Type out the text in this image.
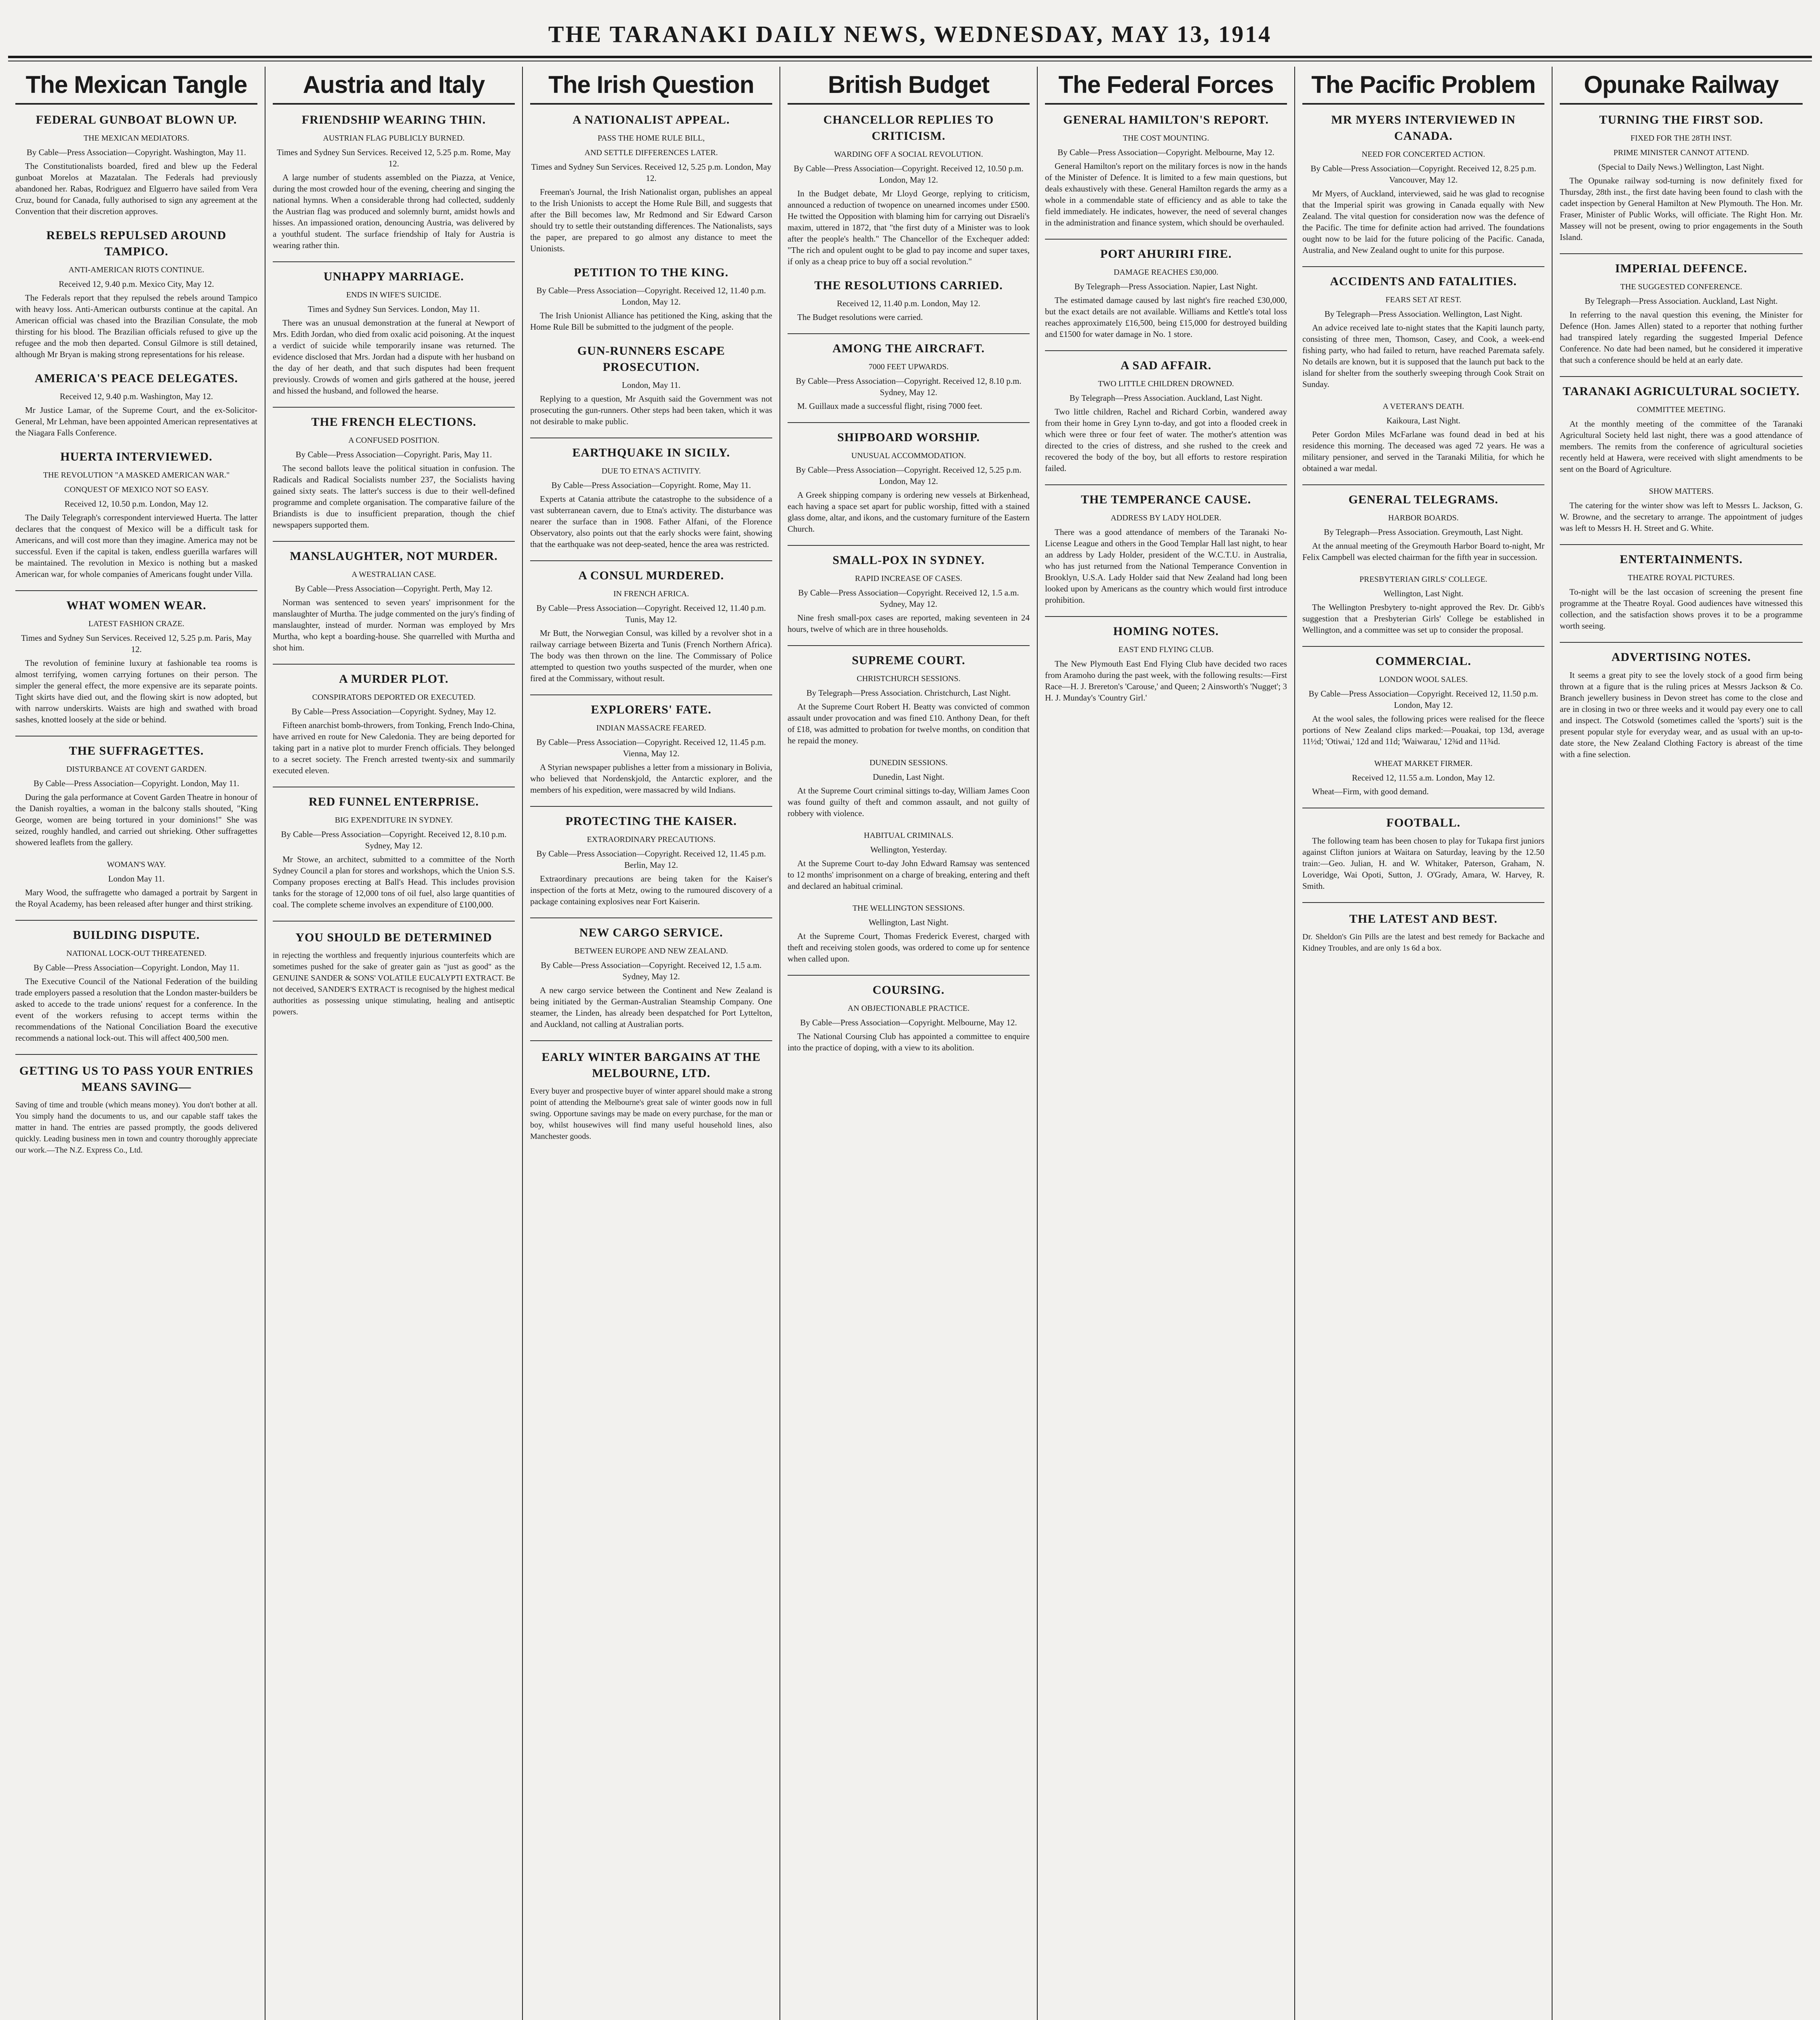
THE TARANAKI DAILY NEWS, WEDNESDAY, MAY 13, 1914
The Mexican Tangle
FEDERAL GUNBOAT BLOWN UP.
THE MEXICAN MEDIATORS.
By Cable—Press Association—Copyright. Washington, May 11.
The Constitutionalists boarded, fired and blew up the Federal gunboat Morelos at Mazatalan. The Federals had previously abandoned her. Rabas, Rodriguez and Elguerro have sailed from Vera Cruz, bound for Canada, fully authorised to sign any agreement at the Convention that their discretion approves.
REBELS REPULSED AROUND TAMPICO.
ANTI-AMERICAN RIOTS CONTINUE.
Received 12, 9.40 p.m. Mexico City, May 12.
The Federals report that they repulsed the rebels around Tampico with heavy loss. Anti-American outbursts continue at the capital. An American official was chased into the Brazilian Consulate, the mob thirsting for his blood. The Brazilian officials refused to give up the refugee and the mob then departed. Consul Gilmore is still detained, although Mr Bryan is making strong representations for his release.
AMERICA'S PEACE DELEGATES.
Received 12, 9.40 p.m. Washington, May 12.
Mr Justice Lamar, of the Supreme Court, and the ex-Solicitor-General, Mr Lehman, have been appointed American representatives at the Niagara Falls Conference.
HUERTA INTERVIEWED.
THE REVOLUTION "A MASKED AMERICAN WAR."
CONQUEST OF MEXICO NOT SO EASY.
Received 12, 10.50 p.m. London, May 12.
The Daily Telegraph's correspondent interviewed Huerta. The latter declares that the conquest of Mexico will be a difficult task for Americans, and will cost more than they imagine. America may not be successful. Even if the capital is taken, endless guerilla warfares will be maintained. The revolution in Mexico is nothing but a masked American war, for whole companies of Americans fought under Villa.
WHAT WOMEN WEAR.
LATEST FASHION CRAZE.
Times and Sydney Sun Services. Received 12, 5.25 p.m. Paris, May 12.
The revolution of feminine luxury at fashionable tea rooms is almost terrifying, women carrying fortunes on their person. The simpler the general effect, the more expensive are its separate points. Tight skirts have died out, and the flowing skirt is now adopted, but with narrow underskirts. Waists are high and swathed with broad sashes, knotted loosely at the side or behind.
THE SUFFRAGETTES.
DISTURBANCE AT COVENT GARDEN.
By Cable—Press Association—Copyright. London, May 11.
During the gala performance at Covent Garden Theatre in honour of the Danish royalties, a woman in the balcony stalls shouted, "King George, women are being tortured in your dominions!" She was seized, roughly handled, and carried out shrieking. Other suffragettes showered leaflets from the gallery.
WOMAN'S WAY.
London May 11.
Mary Wood, the suffragette who damaged a portrait by Sargent in the Royal Academy, has been released after hunger and thirst striking.
BUILDING DISPUTE.
NATIONAL LOCK-OUT THREATENED.
By Cable—Press Association—Copyright. London, May 11.
The Executive Council of the National Federation of the building trade employers passed a resolution that the London master-builders be asked to accede to the trade unions' request for a conference. In the event of the workers refusing to accept terms within the recommendations of the National Conciliation Board the executive recommends a national lock-out. This will affect 400,500 men.
GETTING US TO PASS YOUR ENTRIES MEANS SAVING—
Saving of time and trouble (which means money). You don't bother at all. You simply hand the documents to us, and our capable staff takes the matter in hand. The entries are passed promptly, the goods delivered quickly. Leading business men in town and country thoroughly appreciate our work.—The N.Z. Express Co., Ltd.
Austria and Italy
FRIENDSHIP WEARING THIN.
AUSTRIAN FLAG PUBLICLY BURNED.
Times and Sydney Sun Services. Received 12, 5.25 p.m. Rome, May 12.
A large number of students assembled on the Piazza, at Venice, during the most crowded hour of the evening, cheering and singing the national hymns. When a considerable throng had collected, suddenly the Austrian flag was produced and solemnly burnt, amidst howls and hisses. An impassioned oration, denouncing Austria, was delivered by a youthful student. The surface friendship of Italy for Austria is wearing rather thin.
UNHAPPY MARRIAGE.
ENDS IN WIFE'S SUICIDE.
Times and Sydney Sun Services. London, May 11.
There was an unusual demonstration at the funeral at Newport of Mrs. Edith Jordan, who died from oxalic acid poisoning. At the inquest a verdict of suicide while temporarily insane was returned. The evidence disclosed that Mrs. Jordan had a dispute with her husband on the day of her death, and that such disputes had been frequent previously. Crowds of women and girls gathered at the house, jeered and hissed the husband, and followed the hearse.
THE FRENCH ELECTIONS.
A CONFUSED POSITION.
By Cable—Press Association—Copyright. Paris, May 11.
The second ballots leave the political situation in confusion. The Radicals and Radical Socialists number 237, the Socialists having gained sixty seats. The latter's success is due to their well-defined programme and complete organisation. The comparative failure of the Briandists is due to insufficient preparation, though the chief newspapers supported them.
MANSLAUGHTER, NOT MURDER.
A WESTRALIAN CASE.
By Cable—Press Association—Copyright. Perth, May 12.
Norman was sentenced to seven years' imprisonment for the manslaughter of Murtha. The judge commented on the jury's finding of manslaughter, instead of murder. Norman was employed by Mrs Murtha, who kept a boarding-house. She quarrelled with Murtha and shot him.
A MURDER PLOT.
CONSPIRATORS DEPORTED OR EXECUTED.
By Cable—Press Association—Copyright. Sydney, May 12.
Fifteen anarchist bomb-throwers, from Tonking, French Indo-China, have arrived en route for New Caledonia. They are being deported for taking part in a native plot to murder French officials. They belonged to a secret society. The French arrested twenty-six and summarily executed eleven.
RED FUNNEL ENTERPRISE.
BIG EXPENDITURE IN SYDNEY.
By Cable—Press Association—Copyright. Received 12, 8.10 p.m. Sydney, May 12.
Mr Stowe, an architect, submitted to a committee of the North Sydney Council a plan for stores and workshops, which the Union S.S. Company proposes erecting at Ball's Head. This includes provision tanks for the storage of 12,000 tons of oil fuel, also large quantities of coal. The complete scheme involves an expenditure of £100,000.
YOU SHOULD BE DETERMINED
in rejecting the worthless and frequently injurious counterfeits which are sometimes pushed for the sake of greater gain as "just as good" as the GENUINE SANDER & SONS' VOLATILE EUCALYPTI EXTRACT. Be not deceived, SANDER'S EXTRACT is recognised by the highest medical authorities as possessing unique stimulating, healing and antiseptic powers.
The Irish Question
A NATIONALIST APPEAL.
PASS THE HOME RULE BILL,
AND SETTLE DIFFERENCES LATER.
Times and Sydney Sun Services. Received 12, 5.25 p.m. London, May 12.
Freeman's Journal, the Irish Nationalist organ, publishes an appeal to the Irish Unionists to accept the Home Rule Bill, and suggests that after the Bill becomes law, Mr Redmond and Sir Edward Carson should try to settle their outstanding differences. The Nationalists, says the paper, are prepared to go almost any distance to meet the Unionists.
PETITION TO THE KING.
By Cable—Press Association—Copyright. Received 12, 11.40 p.m. London, May 12.
The Irish Unionist Alliance has petitioned the King, asking that the Home Rule Bill be submitted to the judgment of the people.
GUN-RUNNERS ESCAPE PROSECUTION.
London, May 11.
Replying to a question, Mr Asquith said the Government was not prosecuting the gun-runners. Other steps had been taken, which it was not desirable to make public.
EARTHQUAKE IN SICILY.
DUE TO ETNA'S ACTIVITY.
By Cable—Press Association—Copyright. Rome, May 11.
Experts at Catania attribute the catastrophe to the subsidence of a vast subterranean cavern, due to Etna's activity. The disturbance was nearer the surface than in 1908. Father Alfani, of the Florence Observatory, also points out that the early shocks were faint, showing that the earthquake was not deep-seated, hence the area was restricted.
A CONSUL MURDERED.
IN FRENCH AFRICA.
By Cable—Press Association—Copyright. Received 12, 11.40 p.m. Tunis, May 12.
Mr Butt, the Norwegian Consul, was killed by a revolver shot in a railway carriage between Bizerta and Tunis (French Northern Africa). The body was then thrown on the line. The Commissary of Police attempted to question two youths suspected of the murder, when one fired at the Commissary, without result.
EXPLORERS' FATE.
INDIAN MASSACRE FEARED.
By Cable—Press Association—Copyright. Received 12, 11.45 p.m. Vienna, May 12.
A Styrian newspaper publishes a letter from a missionary in Bolivia, who believed that Nordenskjold, the Antarctic explorer, and the members of his expedition, were massacred by wild Indians.
PROTECTING THE KAISER.
EXTRAORDINARY PRECAUTIONS.
By Cable—Press Association—Copyright. Received 12, 11.45 p.m. Berlin, May 12.
Extraordinary precautions are being taken for the Kaiser's inspection of the forts at Metz, owing to the rumoured discovery of a package containing explosives near Fort Kaiserin.
NEW CARGO SERVICE.
BETWEEN EUROPE AND NEW ZEALAND.
By Cable—Press Association—Copyright. Received 12, 1.5 a.m. Sydney, May 12.
A new cargo service between the Continent and New Zealand is being initiated by the German-Australian Steamship Company. One steamer, the Linden, has already been despatched for Port Lyttelton, and Auckland, not calling at Australian ports.
EARLY WINTER BARGAINS AT THE MELBOURNE, LTD.
Every buyer and prospective buyer of winter apparel should make a strong point of attending the Melbourne's great sale of winter goods now in full swing. Opportune savings may be made on every purchase, for the man or boy, whilst housewives will find many useful household lines, also Manchester goods.
British Budget
CHANCELLOR REPLIES TO CRITICISM.
WARDING OFF A SOCIAL REVOLUTION.
By Cable—Press Association—Copyright. Received 12, 10.50 p.m. London, May 12.
In the Budget debate, Mr Lloyd George, replying to criticism, announced a reduction of twopence on unearned incomes under £500. He twitted the Opposition with blaming him for carrying out Disraeli's maxim, uttered in 1872, that "the first duty of a Minister was to look after the people's health." The Chancellor of the Exchequer added: "The rich and opulent ought to be glad to pay income and super taxes, if only as a cheap price to buy off a social revolution."
THE RESOLUTIONS CARRIED.
Received 12, 11.40 p.m. London, May 12.
The Budget resolutions were carried.
AMONG THE AIRCRAFT.
7000 FEET UPWARDS.
By Cable—Press Association—Copyright. Received 12, 8.10 p.m. Sydney, May 12.
M. Guillaux made a successful flight, rising 7000 feet.
SHIPBOARD WORSHIP.
UNUSUAL ACCOMMODATION.
By Cable—Press Association—Copyright. Received 12, 5.25 p.m. London, May 12.
A Greek shipping company is ordering new vessels at Birkenhead, each having a space set apart for public worship, fitted with a stained glass dome, altar, and ikons, and the customary furniture of the Eastern Church.
SMALL-POX IN SYDNEY.
RAPID INCREASE OF CASES.
By Cable—Press Association—Copyright. Received 12, 1.5 a.m. Sydney, May 12.
Nine fresh small-pox cases are reported, making seventeen in 24 hours, twelve of which are in three households.
SUPREME COURT.
CHRISTCHURCH SESSIONS.
By Telegraph—Press Association. Christchurch, Last Night.
At the Supreme Court Robert H. Beatty was convicted of common assault under provocation and was fined £10. Anthony Dean, for theft of £18, was admitted to probation for twelve months, on condition that he repaid the money.
DUNEDIN SESSIONS.
Dunedin, Last Night.
At the Supreme Court criminal sittings to-day, William James Coon was found guilty of theft and common assault, and not guilty of robbery with violence.
HABITUAL CRIMINALS.
Wellington, Yesterday.
At the Supreme Court to-day John Edward Ramsay was sentenced to 12 months' imprisonment on a charge of breaking, entering and theft and declared an habitual criminal.
THE WELLINGTON SESSIONS.
Wellington, Last Night.
At the Supreme Court, Thomas Frederick Everest, charged with theft and receiving stolen goods, was ordered to come up for sentence when called upon.
COURSING.
AN OBJECTIONABLE PRACTICE.
By Cable—Press Association—Copyright. Melbourne, May 12.
The National Coursing Club has appointed a committee to enquire into the practice of doping, with a view to its abolition.
The Federal Forces
GENERAL HAMILTON'S REPORT.
THE COST MOUNTING.
By Cable—Press Association—Copyright. Melbourne, May 12.
General Hamilton's report on the military forces is now in the hands of the Minister of Defence. It is limited to a few main questions, but deals exhaustively with these. General Hamilton regards the army as a whole in a commendable state of efficiency and as able to take the field immediately. He indicates, however, the need of several changes in the administration and finance system, which should be overhauled.
PORT AHURIRI FIRE.
DAMAGE REACHES £30,000.
By Telegraph—Press Association. Napier, Last Night.
The estimated damage caused by last night's fire reached £30,000, but the exact details are not available. Williams and Kettle's total loss reaches approximately £16,500, being £15,000 for destroyed building and £1500 for water damage in No. 1 store.
A SAD AFFAIR.
TWO LITTLE CHILDREN DROWNED.
By Telegraph—Press Association. Auckland, Last Night.
Two little children, Rachel and Richard Corbin, wandered away from their home in Grey Lynn to-day, and got into a flooded creek in which were three or four feet of water. The mother's attention was directed to the cries of distress, and she rushed to the creek and recovered the body of the boy, but all efforts to restore respiration failed.
THE TEMPERANCE CAUSE.
ADDRESS BY LADY HOLDER.
There was a good attendance of members of the Taranaki No-License League and others in the Good Templar Hall last night, to hear an address by Lady Holder, president of the W.C.T.U. in Australia, who has just returned from the National Temperance Convention in Brooklyn, U.S.A. Lady Holder said that New Zealand had long been looked upon by Americans as the country which would first introduce prohibition.
HOMING NOTES.
EAST END FLYING CLUB.
The New Plymouth East End Flying Club have decided two races from Aramoho during the past week, with the following results:—First Race—H. J. Brereton's 'Carouse,' and Queen; 2 Ainsworth's 'Nugget'; 3 H. J. Munday's 'Country Girl.'
The Pacific Problem
MR MYERS INTERVIEWED IN CANADA.
NEED FOR CONCERTED ACTION.
By Cable—Press Association—Copyright. Received 12, 8.25 p.m. Vancouver, May 12.
Mr Myers, of Auckland, interviewed, said he was glad to recognise that the Imperial spirit was growing in Canada equally with New Zealand. The vital question for consideration now was the defence of the Pacific. The time for definite action had arrived. The foundations ought now to be laid for the future policing of the Pacific. Canada, Australia, and New Zealand ought to unite for this purpose.
ACCIDENTS AND FATALITIES.
FEARS SET AT REST.
By Telegraph—Press Association. Wellington, Last Night.
An advice received late to-night states that the Kapiti launch party, consisting of three men, Thomson, Casey, and Cook, a week-end fishing party, who had failed to return, have reached Paremata safely. No details are known, but it is supposed that the launch put back to the island for shelter from the southerly sweeping through Cook Strait on Sunday.
A VETERAN'S DEATH.
Kaikoura, Last Night.
Peter Gordon Miles McFarlane was found dead in bed at his residence this morning. The deceased was aged 72 years. He was a military pensioner, and served in the Taranaki Militia, for which he obtained a war medal.
GENERAL TELEGRAMS.
HARBOR BOARDS.
By Telegraph—Press Association. Greymouth, Last Night.
At the annual meeting of the Greymouth Harbor Board to-night, Mr Felix Campbell was elected chairman for the fifth year in succession.
PRESBYTERIAN GIRLS' COLLEGE.
Wellington, Last Night.
The Wellington Presbytery to-night approved the Rev. Dr. Gibb's suggestion that a Presbyterian Girls' College be established in Wellington, and a committee was set up to consider the proposal.
COMMERCIAL.
LONDON WOOL SALES.
By Cable—Press Association—Copyright. Received 12, 11.50 p.m. London, May 12.
At the wool sales, the following prices were realised for the fleece portions of New Zealand clips marked:—Pouakai, top 13d, average 11½d; 'Otiwai,' 12d and 11d; 'Waiwarau,' 12¾d and 11¾d.
WHEAT MARKET FIRMER.
Received 12, 11.55 a.m. London, May 12.
Wheat—Firm, with good demand.
FOOTBALL.
The following team has been chosen to play for Tukapa first juniors against Clifton juniors at Waitara on Saturday, leaving by the 12.50 train:—Geo. Julian, H. and W. Whitaker, Paterson, Graham, N. Loveridge, Wai Opoti, Sutton, J. O'Grady, Amara, W. Harvey, R. Smith.
THE LATEST AND BEST.
Dr. Sheldon's Gin Pills are the latest and best remedy for Backache and Kidney Troubles, and are only 1s 6d a box.
Opunake Railway
TURNING THE FIRST SOD.
FIXED FOR THE 28TH INST.
PRIME MINISTER CANNOT ATTEND.
(Special to Daily News.) Wellington, Last Night.
The Opunake railway sod-turning is now definitely fixed for Thursday, 28th inst., the first date having been found to clash with the cadet inspection by General Hamilton at New Plymouth. The Hon. Mr. Fraser, Minister of Public Works, will officiate. The Right Hon. Mr. Massey will not be present, owing to prior engagements in the South Island.
IMPERIAL DEFENCE.
THE SUGGESTED CONFERENCE.
By Telegraph—Press Association. Auckland, Last Night.
In referring to the naval question this evening, the Minister for Defence (Hon. James Allen) stated to a reporter that nothing further had transpired lately regarding the suggested Imperial Defence Conference. No date had been named, but he considered it imperative that such a conference should be held at an early date.
TARANAKI AGRICULTURAL SOCIETY.
COMMITTEE MEETING.
At the monthly meeting of the committee of the Taranaki Agricultural Society held last night, there was a good attendance of members. The remits from the conference of agricultural societies recently held at Hawera, were received with slight amendments to be sent on the Board of Agriculture.
SHOW MATTERS.
The catering for the winter show was left to Messrs L. Jackson, G. W. Browne, and the secretary to arrange. The appointment of judges was left to Messrs H. H. Street and G. White.
ENTERTAINMENTS.
THEATRE ROYAL PICTURES.
To-night will be the last occasion of screening the present fine programme at the Theatre Royal. Good audiences have witnessed this collection, and the satisfaction shows proves it to be a programme worth seeing.
ADVERTISING NOTES.
It seems a great pity to see the lovely stock of a good firm being thrown at a figure that is the ruling prices at Messrs Jackson & Co. Branch jewellery business in Devon street has come to the close and are in closing in two or three weeks and it would pay every one to call and inspect. The Cotswold (sometimes called the 'sports') suit is the present popular style for everyday wear, and as usual with an up-to-date store, the New Zealand Clothing Factory is abreast of the time with a fine selection.
